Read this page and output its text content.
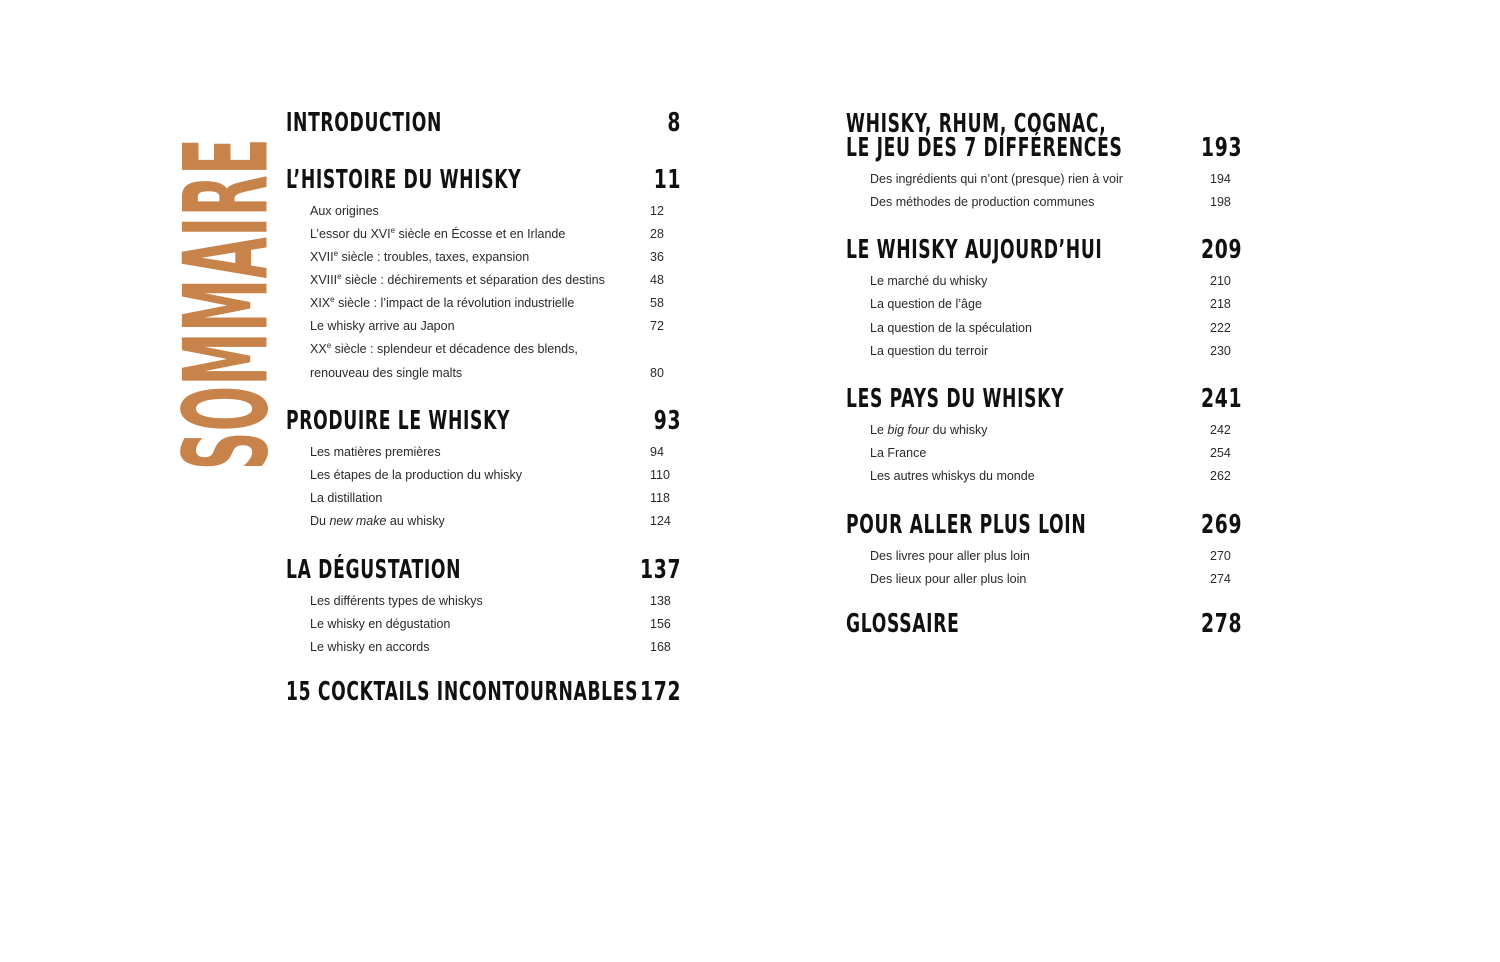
SOMMAIRE
INTRODUCTION	8
L’HISTOIRE DU WHISKY	11
Aux origines	12
L’essor du XVIe siècle en Écosse et en Irlande	28
XVIIe siècle : troubles, taxes, expansion	36
XVIIIe siècle : déchirements et séparation des destins	48
XIXe siècle : l’impact de la révolution industrielle	58
Le whisky arrive au Japon	72
XXe siècle : splendeur et décadence des blends,
renouveau des single malts	80
PRODUIRE LE WHISKY	93
Les matières premières	94
Les étapes de la production du whisky	110
La distillation	118
Du new make au whisky	124
LA DÉGUSTATION	137
Les différents types de whiskys	138
Le whisky en dégustation	156
Le whisky en accords	168
15 COCKTAILS INCONTOURNABLES 172
WHISKY, RHUM, COGNAC,
LE JEU DES 7 DIFFÉRENCES	193
Des ingrédients qui n’ont (presque) rien à voir	194
Des méthodes de production communes	198
LE WHISKY AUJOURD’HUI	209
Le marché du whisky	210
La question de l’âge	218
La question de la spéculation	222
La question du terroir	230
LES PAYS DU WHISKY	241
Le big four du whisky	242
La France	254
Les autres whiskys du monde	262
POUR ALLER PLUS LOIN	269
Des livres pour aller plus loin	270
Des lieux pour aller plus loin	274
GLOSSAIRE	278
